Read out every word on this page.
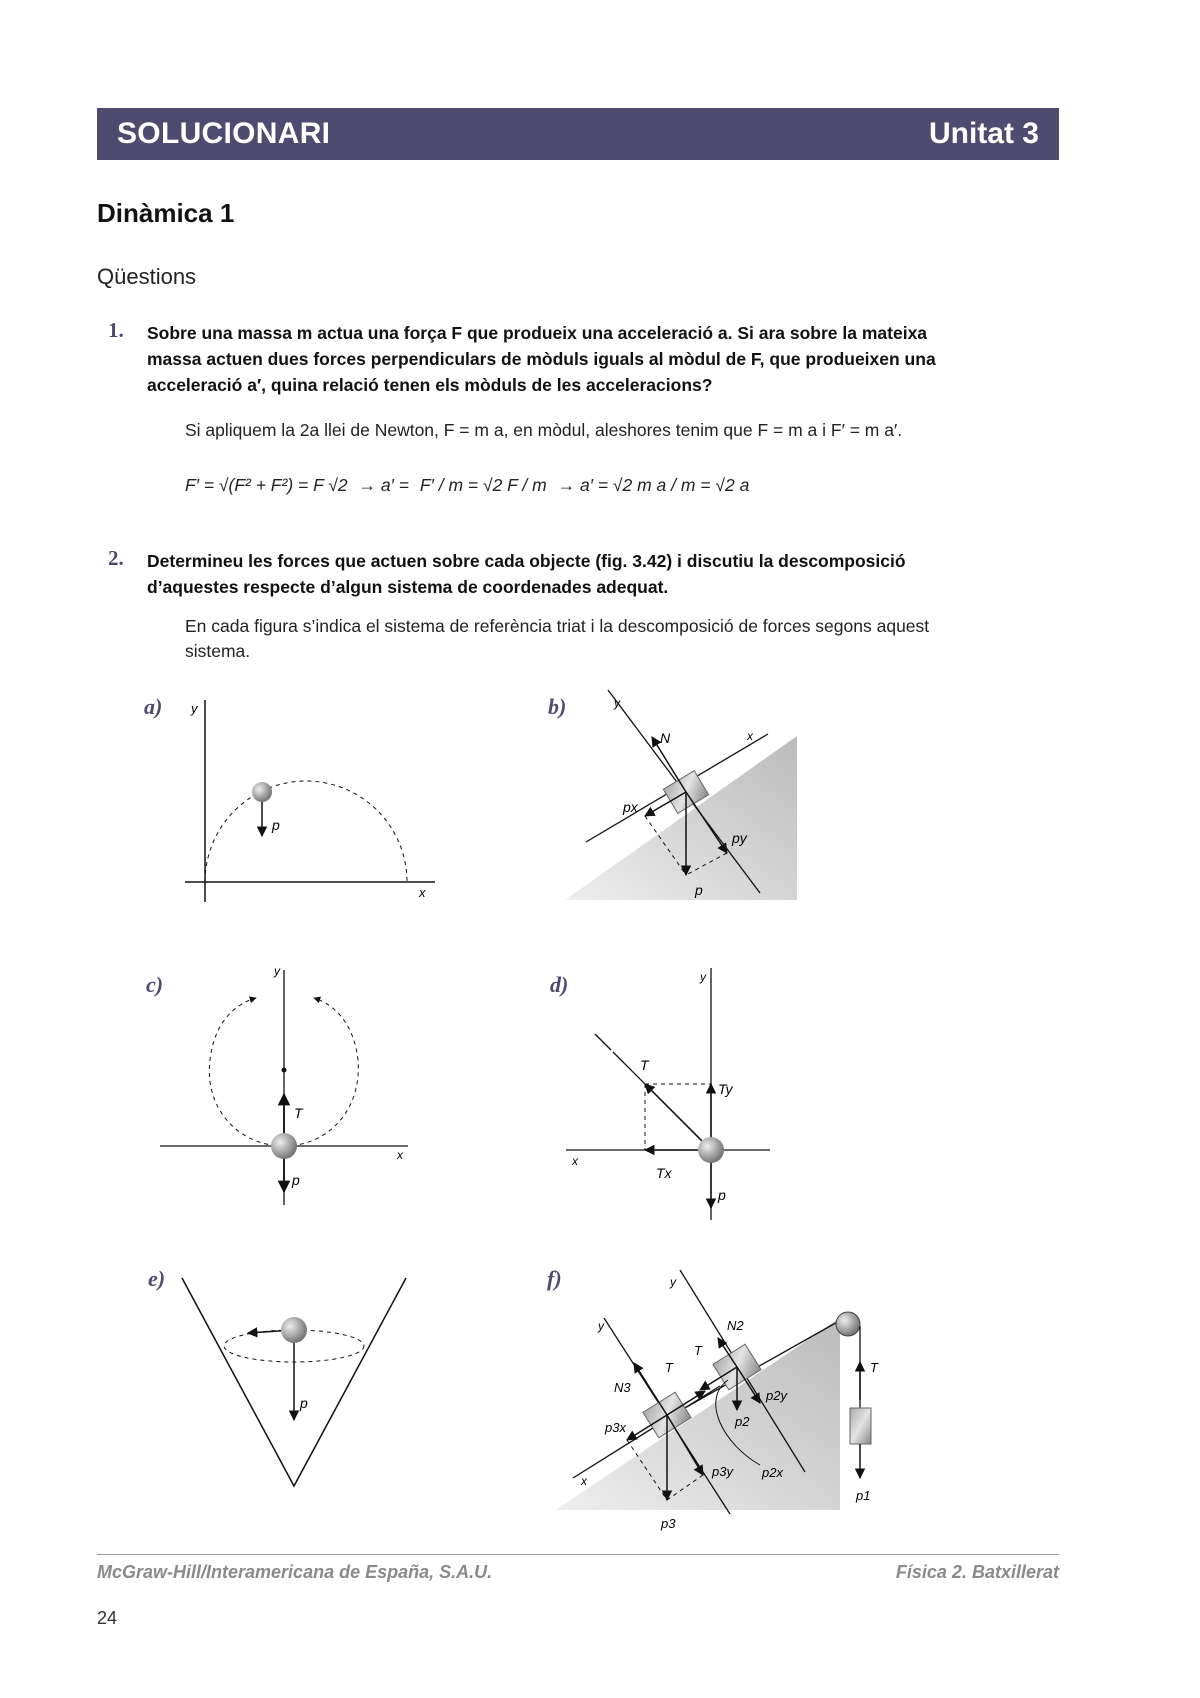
SOLUCIONARI	Unitat 3
Dinàmica 1
Qüestions
1. Sobre una massa m actua una força F que produeix una acceleració a. Si ara sobre la mateixa
massa actuen dues forces perpendiculars de mòduls iguals al mòdul de F, que produeixen una
acceleració a′, quina relació tenen els mòduls de les acceleracions?
Si apliquem la 2a llei de Newton, F = m a, en mòdul, aleshores tenim que F = m a i F′ = m a′.
F′ = √(F² + F²) = F √2 → a′ = F′ / m = √2 F / m → a′ = √2 m a / m = √2 a
2. Determineu les forces que actuen sobre cada objecte (fig. 3.42) i discutiu la descomposició
d’aquestes respecte d’algun sistema de coordenades adequat.
En cada figura s’indica el sistema de referència triat i la descomposició de forces segons aquest
sistema.
a)	b)
c)	d)
e)	f)
y
x
p
y
x
N
px
py
p
y
x
T
p
y
x
T
Ty
Tx
p
p
y
y
x
N3
T
T
N2
T
p3x
p3y
p3
p2y
p2
p2x
p1
McGraw-Hill/Interamericana de España, S.A.U.	Física 2. Batxillerat
24
